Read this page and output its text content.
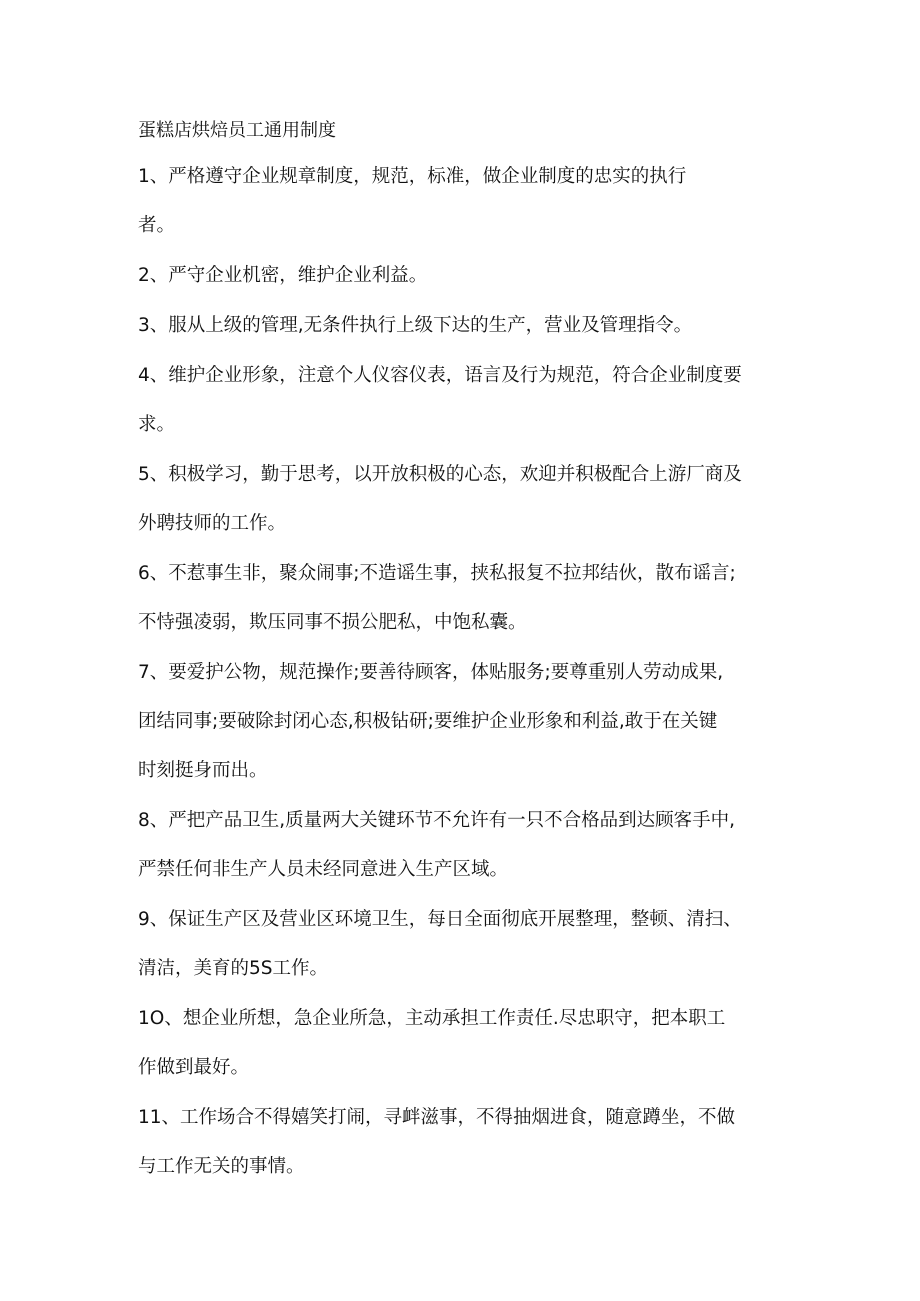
蛋糕店烘焙员工通用制度
1、严格遵守企业规章制度，规范，标准，做企业制度的忠实的执行
者。
2、严守企业机密，维护企业利益。
3、服从上级的管理,无条件执行上级下达的生产，营业及管理指令。
4、维护企业形象，注意个人仪容仪表，语言及行为规范，符合企业制度要
求。
5、积极学习，勤于思考，以开放积极的心态，欢迎并积极配合上游厂商及
外聘技师的工作。
6、不惹事生非，聚众闹事;不造谣生事，挟私报复不拉邦结伙，散布谣言;
不恃强凌弱，欺压同事不损公肥私，中饱私囊。
7、要爱护公物，规范操作;要善待顾客，体贴服务;要尊重别人劳动成果,
团结同事;要破除封闭心态,积极钻研;要维护企业形象和利益,敢于在关键
时刻挺身而出。
8、严把产品卫生,质量两大关键环节不允许有一只不合格品到达顾客手中,
严禁任何非生产人员未经同意进入生产区域。
9、保证生产区及营业区环境卫生，每日全面彻底开展整理，整顿、清扫、
清洁，美育的5S工作。
1O、想企业所想，急企业所急，主动承担工作责任.尽忠职守，把本职工
作做到最好。
11、工作场合不得嬉笑打闹，寻衅滋事，不得抽烟进食，随意蹲坐，不做
与工作无关的事情。
